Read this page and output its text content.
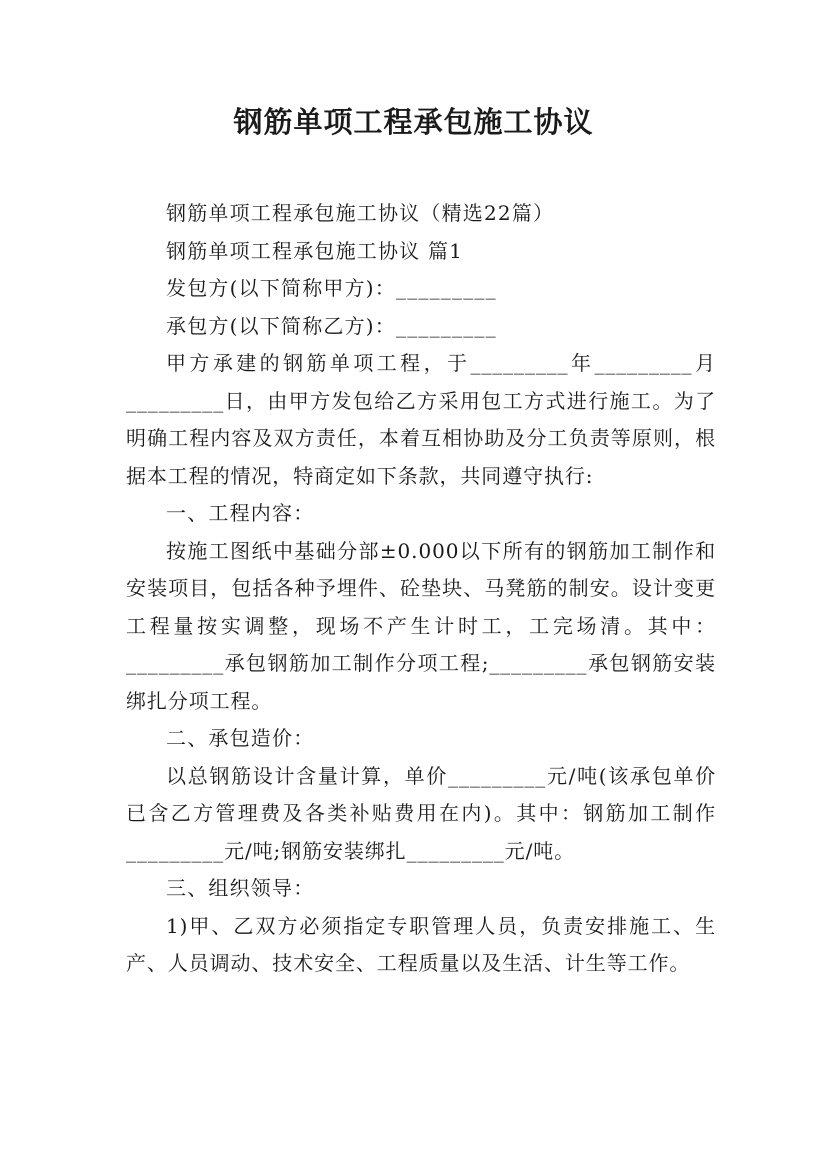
钢筋单项工程承包施工协议

钢筋单项工程承包施工协议（精选22篇）

钢筋单项工程承包施工协议 篇1

发包方(以下简称甲方)：_________

承包方(以下简称乙方)：_________

甲方承建的钢筋单项工程，于_________年_________月_________日，由甲方发包给乙方采用包工方式进行施工。为了明确工程内容及双方责任，本着互相协助及分工负责等原则，根据本工程的情况，特商定如下条款，共同遵守执行:

一、工程内容：

按施工图纸中基础分部±0.000以下所有的钢筋加工制作和安装项目，包括各种予埋件、砼垫块、马凳筋的制安。设计变更工程量按实调整，现场不产生计时工，工完场清。其中：_________承包钢筋加工制作分项工程;_________承包钢筋安装绑扎分项工程。

二、承包造价：

以总钢筋设计含量计算，单价_________元/吨(该承包单价已含乙方管理费及各类补贴费用在内)。其中：钢筋加工制作_________元/吨;钢筋安装绑扎_________元/吨。

三、组织领导：

1)甲、乙双方必须指定专职管理人员，负责安排施工、生产、人员调动、技术安全、工程质量以及生活、计生等工作。
